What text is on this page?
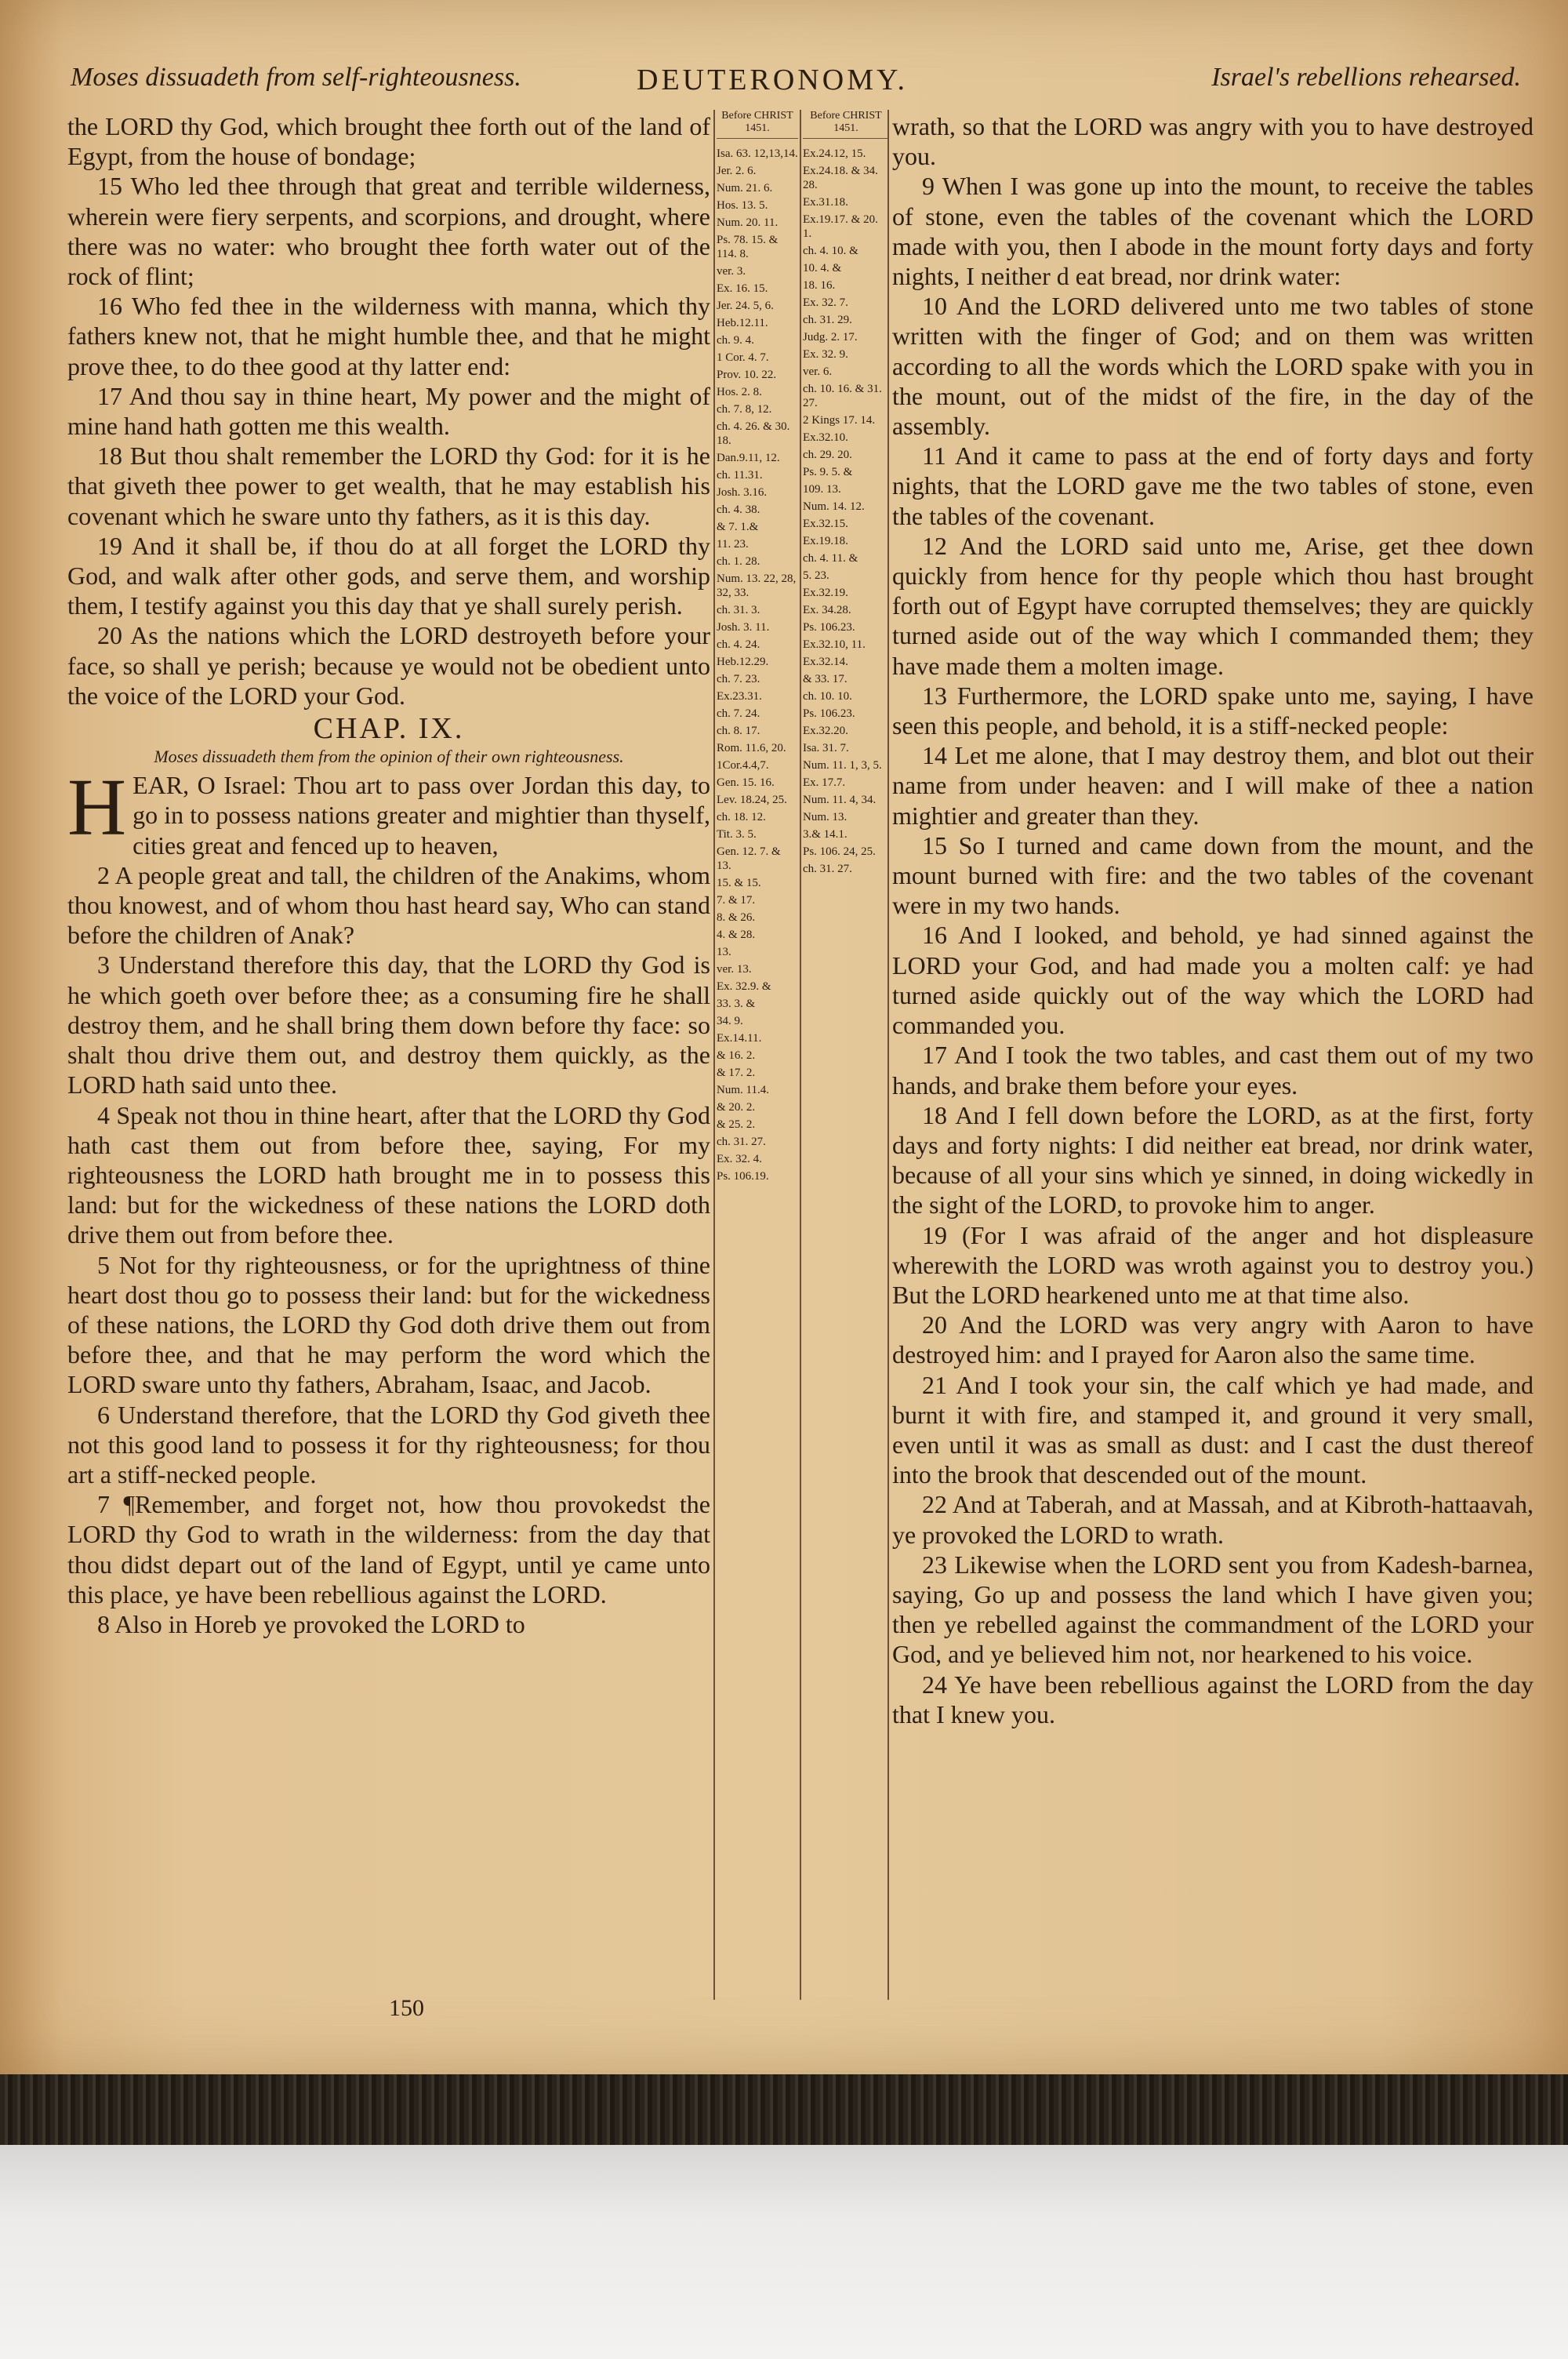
Moses dissuadeth from self-righteousness.	DEUTERONOMY.	Israel's rebellions rehearsed.

the LORD thy God, which brought thee forth out of the land of Egypt, from the house of bondage;

15 Who led thee through that great and terrible wilderness, wherein were fiery serpents, and scorpions, and drought, where there was no water: who brought thee forth water out of the rock of flint;

16 Who fed thee in the wilderness with manna, which thy fathers knew not, that he might humble thee, and that he might prove thee, to do thee good at thy latter end:

17 And thou say in thine heart, My power and the might of mine hand hath gotten me this wealth.

18 But thou shalt remember the LORD thy God: for it is he that giveth thee power to get wealth, that he may establish his covenant which he sware unto thy fathers, as it is this day.

19 And it shall be, if thou do at all forget the LORD thy God, and walk after other gods, and serve them, and worship them, I testify against you this day that ye shall surely perish.

20 As the nations which the LORD destroyeth before your face, so shall ye perish; because ye would not be obedient unto the voice of the LORD your God.

CHAP. IX.
Moses dissuadeth them from the opinion of their own righteousness.

HEAR, O Israel: Thou art to pass over Jordan this day, to go in to possess nations greater and mightier than thyself, cities great and fenced up to heaven,

2 A people great and tall, the children of the Anakims, whom thou knowest, and of whom thou hast heard say, Who can stand before the children of Anak?

3 Understand therefore this day, that the LORD thy God is he which goeth over before thee; as a consuming fire he shall destroy them, and he shall bring them down before thy face: so shalt thou drive them out, and destroy them quickly, as the LORD hath said unto thee.

4 Speak not thou in thine heart, after that the LORD thy God hath cast them out from before thee, saying, For my righteousness the LORD hath brought me in to possess this land: but for the wickedness of these nations the LORD doth drive them out from before thee.

5 Not for thy righteousness, or for the uprightness of thine heart dost thou go to possess their land: but for the wickedness of these nations, the LORD thy God doth drive them out from before thee, and that he may perform the word which the LORD sware unto thy fathers, Abraham, Isaac, and Jacob.

6 Understand therefore, that the LORD thy God giveth thee not this good land to possess it for thy righteousness; for thou art a stiff-necked people.

7 ¶Remember, and forget not, how thou provokedst the LORD thy God to wrath in the wilderness: from the day that thou didst depart out of the land of Egypt, until ye came unto this place, ye have been rebellious against the LORD.

8 Also in Horeb ye provoked the LORD to

Before CHRIST 1451.
Isa. 63. 12,13,14.
Jer. 2. 6.
Num. 21. 6.
Hos. 13. 5.
Num. 20. 11.
Ps. 78. 15. & 114. 8.
ver. 3.
Ex. 16. 15.
Jer. 24. 5, 6.
Heb.12.11.
ch. 9. 4.
1 Cor. 4. 7.
Prov. 10. 22.
Hos. 2. 8.
ch. 7. 8, 12.
ch. 4. 26. & 30. 18.
Dan.9.11, 12.
ch. 11.31.
Josh. 3.16.
ch. 4. 38.
& 7. 1.&
11. 23.
ch. 1. 28.
Num. 13. 22, 28, 32, 33.
ch. 31. 3.
Josh. 3. 11.
ch. 4. 24.
Heb.12.29.
ch. 7. 23.
Ex.23.31.
ch. 7. 24.
ch. 8. 17.
Rom. 11.6, 20.
1Cor.4.4,7.
Gen. 15. 16.
Lev. 18.24, 25.
ch. 18. 12.
Tit. 3. 5.
Gen. 12. 7. & 13.
15. & 15.
7. & 17.
8. & 26.
4. & 28.
13.
ver. 13.
Ex. 32.9. &
33. 3. &
34. 9.
Ex.14.11.
& 16. 2.
& 17. 2.
Num. 11.4.
& 20. 2.
& 25. 2.
ch. 31. 27.
Ex. 32. 4.
Ps. 106.19.
Before CHRIST 1451.
Ex.24.12, 15.
Ex.24.18. & 34. 28.
Ex.31.18.
Ex.19.17. & 20. 1.
ch. 4. 10. &
10. 4. &
18. 16.
Ex. 32. 7.
ch. 31. 29.
Judg. 2. 17.
Ex. 32. 9.
ver. 6.
ch. 10. 16. & 31. 27.
2 Kings 17. 14.
Ex.32.10.
ch. 29. 20.
Ps. 9. 5. &
109. 13.
Num. 14. 12.
Ex.32.15.
Ex.19.18.
ch. 4. 11. &
5. 23.
Ex.32.19.
Ex. 34.28.
Ps. 106.23.
Ex.32.10, 11.
Ex.32.14.
& 33. 17.
ch. 10. 10.
Ps. 106.23.
Ex.32.20.
Isa. 31. 7.
Num. 11. 1, 3, 5.
Ex. 17.7.
Num. 11. 4, 34.
Num. 13.
3.& 14.1.
Ps. 106. 24, 25.
ch. 31. 27.

wrath, so that the LORD was angry with you to have destroyed you.

9 When I was gone up into the mount, to receive the tables of stone, even the tables of the covenant which the LORD made with you, then I abode in the mount forty days and forty nights, I neither d eat bread, nor drink water:

10 And the LORD delivered unto me two tables of stone written with the finger of God; and on them was written according to all the words which the LORD spake with you in the mount, out of the midst of the fire, in the day of the assembly.

11 And it came to pass at the end of forty days and forty nights, that the LORD gave me the two tables of stone, even the tables of the covenant.

12 And the LORD said unto me, Arise, get thee down quickly from hence for thy people which thou hast brought forth out of Egypt have corrupted themselves; they are quickly turned aside out of the way which I commanded them; they have made them a molten image.

13 Furthermore, the LORD spake unto me, saying, I have seen this people, and behold, it is a stiff-necked people:

14 Let me alone, that I may destroy them, and blot out their name from under heaven: and I will make of thee a nation mightier and greater than they.

15 So I turned and came down from the mount, and the mount burned with fire: and the two tables of the covenant were in my two hands.

16 And I looked, and behold, ye had sinned against the LORD your God, and had made you a molten calf: ye had turned aside quickly out of the way which the LORD had commanded you.

17 And I took the two tables, and cast them out of my two hands, and brake them before your eyes.

18 And I fell down before the LORD, as at the first, forty days and forty nights: I did neither eat bread, nor drink water, because of all your sins which ye sinned, in doing wickedly in the sight of the LORD, to provoke him to anger.

19 (For I was afraid of the anger and hot displeasure wherewith the LORD was wroth against you to destroy you.) But the LORD hearkened unto me at that time also.

20 And the LORD was very angry with Aaron to have destroyed him: and I prayed for Aaron also the same time.

21 And I took your sin, the calf which ye had made, and burnt it with fire, and stamped it, and ground it very small, even until it was as small as dust: and I cast the dust thereof into the brook that descended out of the mount.

22 And at Taberah, and at Massah, and at Kibroth-hattaavah, ye provoked the LORD to wrath.

23 Likewise when the LORD sent you from Kadesh-barnea, saying, Go up and possess the land which I have given you; then ye rebelled against the commandment of the LORD your God, and ye believed him not, nor hearkened to his voice.

24 Ye have been rebellious against the LORD from the day that I knew you.

150
